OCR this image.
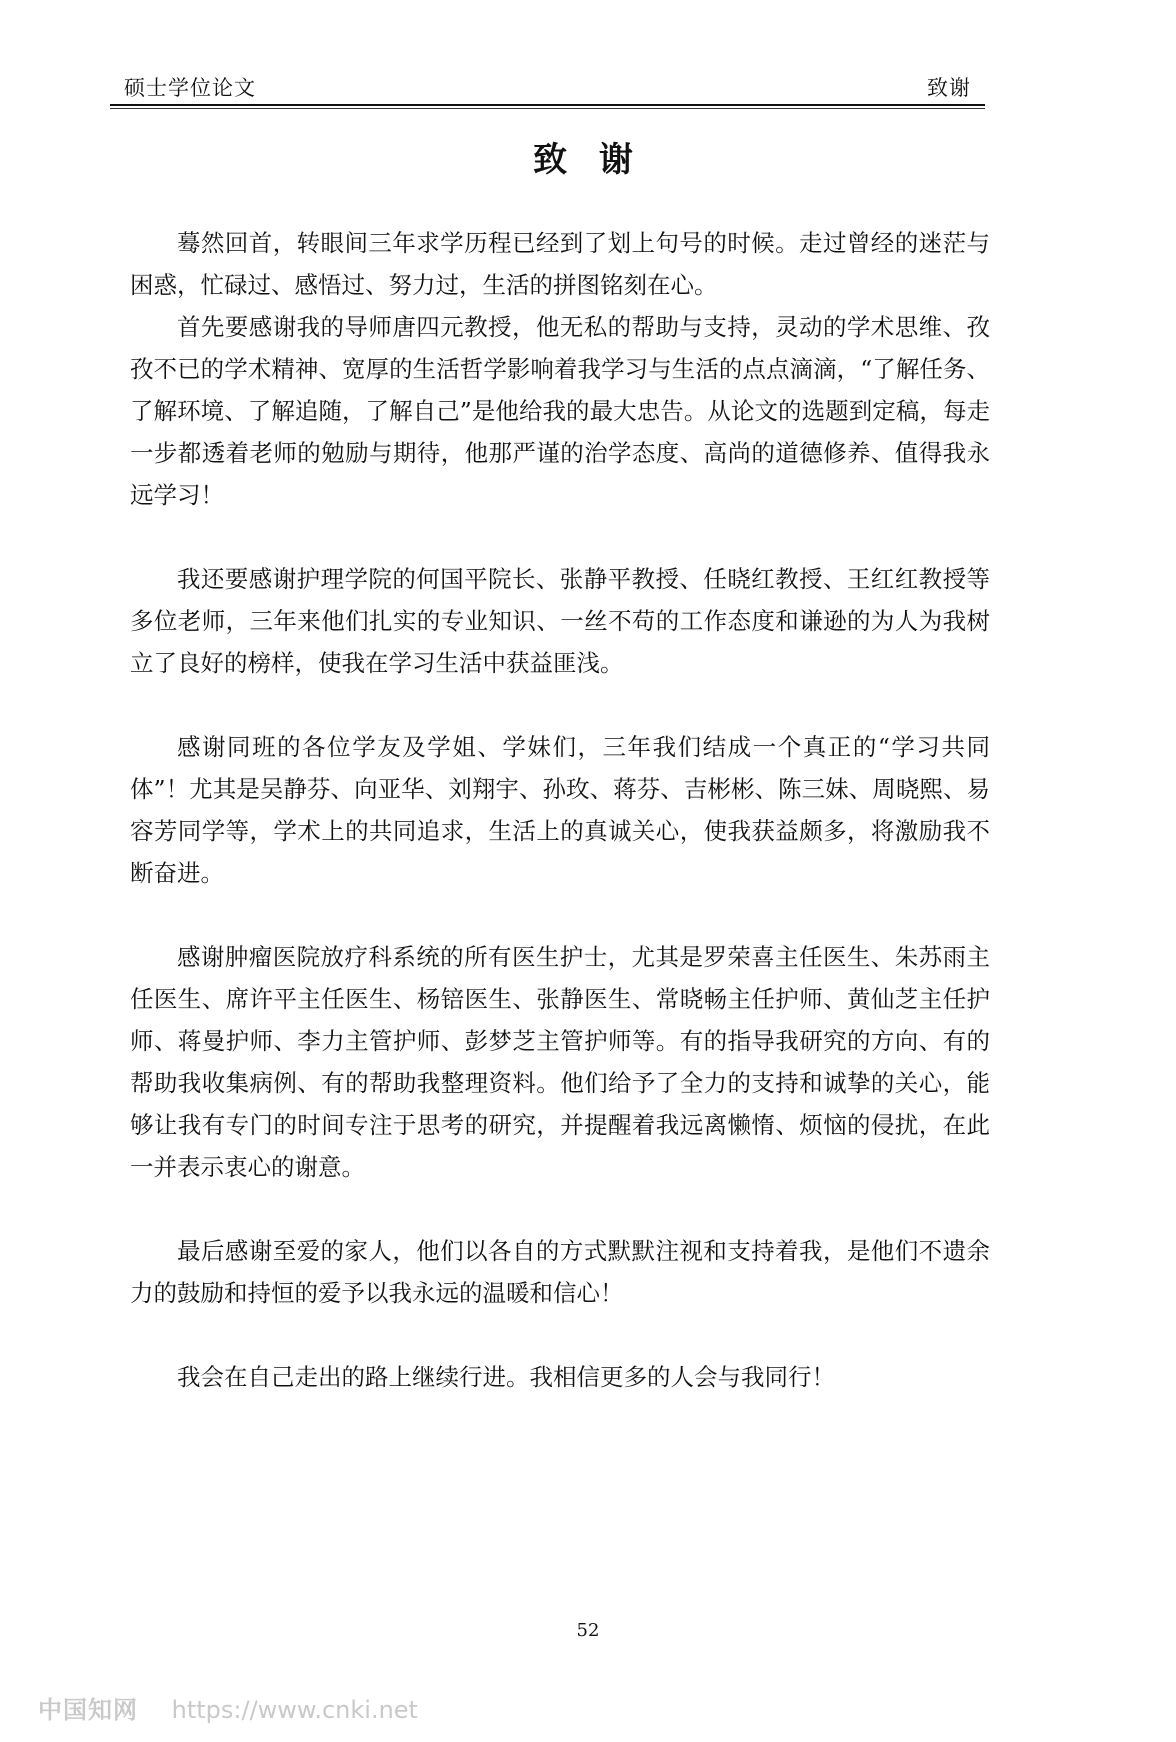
硕士学位论文	致谢
致 谢

蓦然回首，转眼间三年求学历程已经到了划上句号的时候。走过曾经的迷茫与困惑，忙碌过、感悟过、努力过，生活的拼图铭刻在心。

首先要感谢我的导师唐四元教授，他无私的帮助与支持，灵动的学术思维、孜孜不已的学术精神、宽厚的生活哲学影响着我学习与生活的点点滴滴，“了解任务、了解环境、了解追随，了解自己”是他给我的最大忠告。从论文的选题到定稿，每走一步都透着老师的勉励与期待，他那严谨的治学态度、高尚的道德修养、值得我永远学习！

我还要感谢护理学院的何国平院长、张静平教授、任晓红教授、王红红教授等多位老师，三年来他们扎实的专业知识、一丝不苟的工作态度和谦逊的为人为我树立了良好的榜样，使我在学习生活中获益匪浅。

感谢同班的各位学友及学姐、学妹们，三年我们结成一个真正的“学习共同体”！尤其是吴静芬、向亚华、刘翔宇、孙玫、蒋芬、吉彬彬、陈三妹、周晓熙、易容芳同学等，学术上的共同追求，生活上的真诚关心，使我获益颇多，将激励我不断奋进。

感谢肿瘤医院放疗科系统的所有医生护士，尤其是罗荣喜主任医生、朱苏雨主任医生、席许平主任医生、杨锫医生、张静医生、常晓畅主任护师、黄仙芝主任护师、蒋曼护师、李力主管护师、彭梦芝主管护师等。有的指导我研究的方向、有的帮助我收集病例、有的帮助我整理资料。他们给予了全力的支持和诚挚的关心，能够让我有专门的时间专注于思考的研究，并提醒着我远离懒惰、烦恼的侵扰，在此一并表示衷心的谢意。

最后感谢至爱的家人，他们以各自的方式默默注视和支持着我，是他们不遗余力的鼓励和持恒的爱予以我永远的温暖和信心！

我会在自己走出的路上继续行进。我相信更多的人会与我同行！

52
中国知网 https://www.cnki.net
